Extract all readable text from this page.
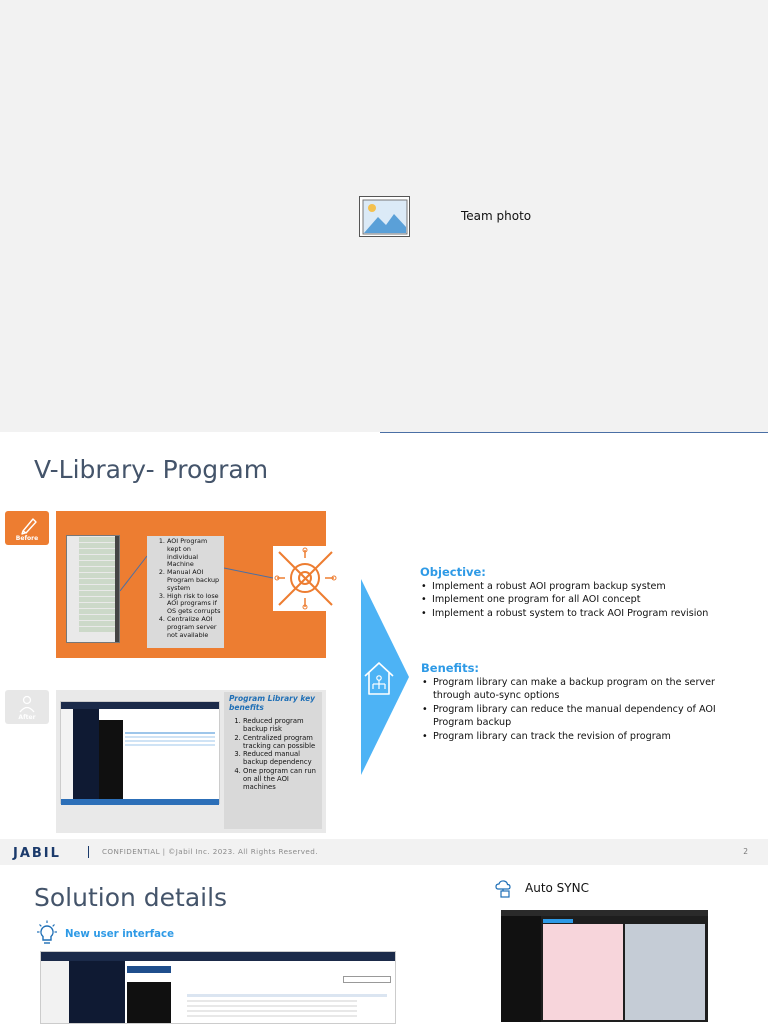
Team photo
V-Library- Program
Before
1.	AOI Program kept on individual Machine
2. Manual AOI Program backup system
3. High risk to lose AOI programs if OS gets corrupts
4. Centralize AOI program server not available
After
Program Library key benefits
1. Reduced program backup risk
2. Centralized program tracking can possible
3. Reduced manual backup dependency
4. One program can run on all the AOI machines
Objective:
• Implement a robust AOI program backup system
• Implement one program for all AOI concept
• Implement a robust system to track AOI Program revision
Benefits:
• Program library can make a backup program on the server through auto-sync options
• Program library can reduce the manual dependency of AOI Program backup
• Program library can track the revision of program
JABIL	CONFIDENTIAL | ©Jabil Inc. 2023. All Rights Reserved.	2
Solution details
New user interface
Auto SYNC
